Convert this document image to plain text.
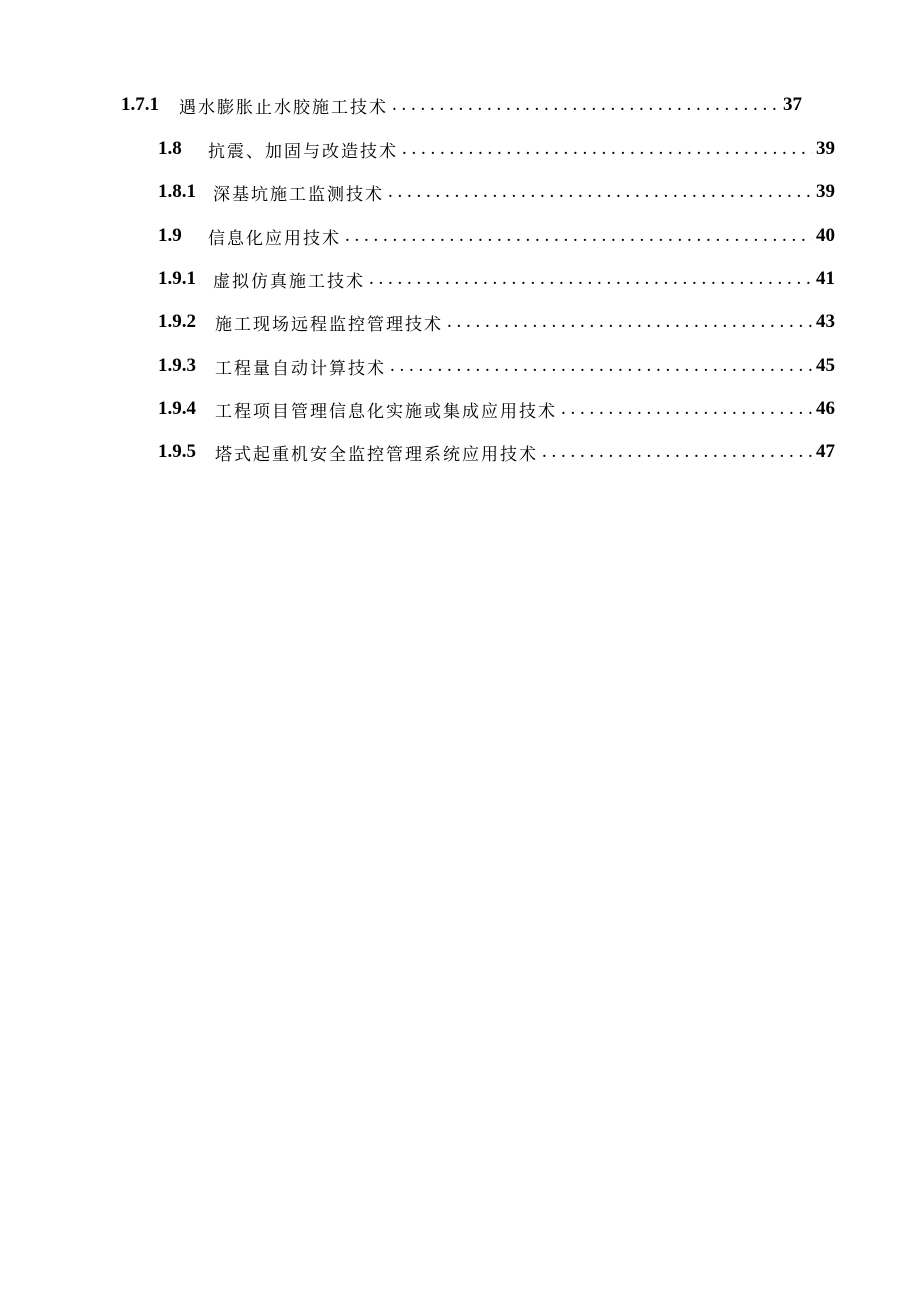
1.7.1	遇水膨胀止水胶施工技术 . . .	37
1.8	抗震、加固与改造技术 . . .	39
1.8.1	深基坑施工监测技术 . . .	39
1.9	信息化应用技术 . . .	40
1.9.1	虚拟仿真施工技术 . . .	41
1.9.2	施工现场远程监控管理技术 . . .	43
1.9.3	工程量自动计算技术 . . .	45
1.9.4	工程项目管理信息化实施或集成应用技术 . . .	46
1.9.5	塔式起重机安全监控管理系统应用技术 . . .	47
